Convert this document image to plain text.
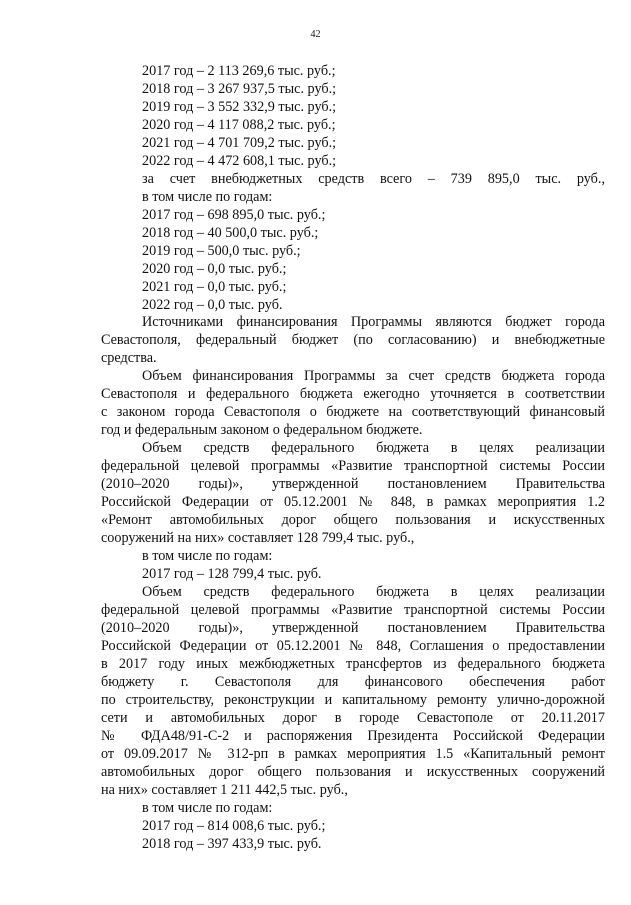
42
2017 год – 2 113 269,6 тыс. руб.;
2018 год – 3 267 937,5 тыс. руб.;
2019 год – 3 552 332,9 тыс. руб.;
2020 год – 4 117 088,2 тыс. руб.;
2021 год – 4 701 709,2 тыс. руб.;
2022 год – 4 472 608,1 тыс. руб.;
за счет внебюджетных средств всего – 739 895,0 тыс. руб.,
в том числе по годам:
2017 год – 698 895,0 тыс. руб.;
2018 год – 40 500,0 тыс. руб.;
2019 год – 500,0 тыс. руб.;
2020 год – 0,0 тыс. руб.;
2021 год – 0,0 тыс. руб.;
2022 год – 0,0 тыс. руб.
Источниками финансирования Программы являются бюджет города
Севастополя, федеральный бюджет (по согласованию) и внебюджетные
средства.
Объем финансирования Программы за счет средств бюджета города
Севастополя и федерального бюджета ежегодно уточняется в соответствии
с законом города Севастополя о бюджете на соответствующий финансовый
год и федеральным законом о федеральном бюджете.
Объем средств федерального бюджета в целях реализации
федеральной целевой программы «Развитие транспортной системы России
(2010–2020 годы)», утвержденной постановлением Правительства
Российской Федерации от 05.12.2001 № 848, в рамках мероприятия 1.2
«Ремонт автомобильных дорог общего пользования и искусственных
сооружений на них» составляет 128 799,4 тыс. руб.,
в том числе по годам:
2017 год – 128 799,4 тыс. руб.
Объем средств федерального бюджета в целях реализации
федеральной целевой программы «Развитие транспортной системы России
(2010–2020 годы)», утвержденной постановлением Правительства
Российской Федерации от 05.12.2001 № 848, Соглашения о предоставлении
в 2017 году иных межбюджетных трансфертов из федерального бюджета
бюджету г. Севастополя для финансового обеспечения работ
по строительству, реконструкции и капитальному ремонту улично-дорожной
сети и автомобильных дорог в городе Севастополе от 20.11.2017
№ ФДА48/91-С-2 и распоряжения Президента Российской Федерации
от 09.09.2017 № 312-рп в рамках мероприятия 1.5 «Капитальный ремонт
автомобильных дорог общего пользования и искусственных сооружений
на них» составляет 1 211 442,5 тыс. руб.,
в том числе по годам:
2017 год – 814 008,6 тыс. руб.;
2018 год – 397 433,9 тыс. руб.
